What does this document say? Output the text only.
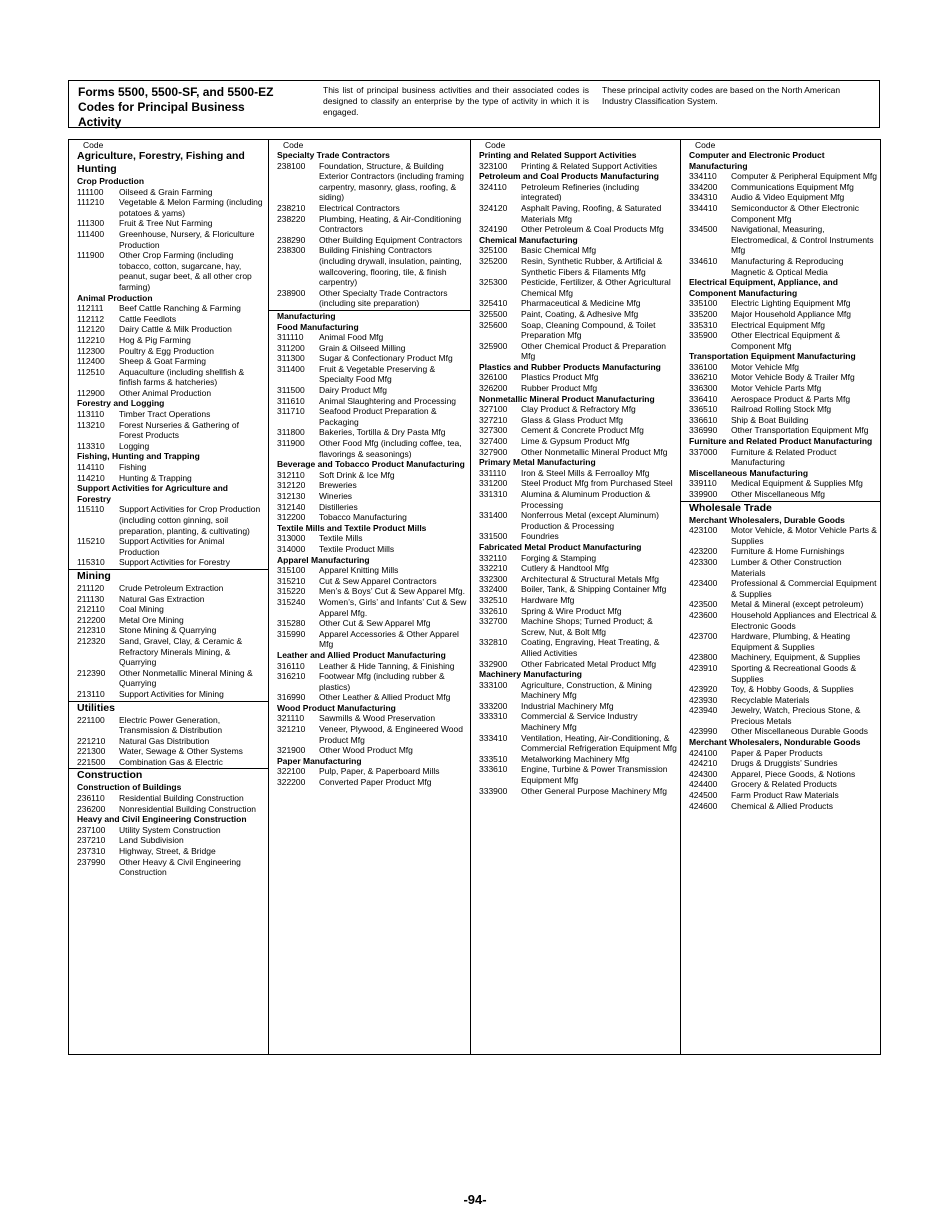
Forms 5500, 5500-SF, and 5500-EZ Codes for Principal Business Activity
This list of principal business activities and their associated codes is designed to classify an enterprise by the type of activity in which it is engaged.
These principal activity codes are based on the North American Industry Classification System.
Code
Agriculture, Forestry, Fishing and Hunting
Crop Production
111100	Oilseed & Grain Farming
111210	Vegetable & Melon Farming (including potatoes & yams)
111300	Fruit & Tree Nut Farming
111400	Greenhouse, Nursery, & Floriculture Production
111900	Other Crop Farming (including tobacco, cotton, sugarcane, hay, peanut, sugar beet, & all other crop farming)
Animal Production
112111	Beef Cattle Ranching & Farming
112112	Cattle Feedlots
112120	Dairy Cattle & Milk Production
112210	Hog & Pig Farming
112300	Poultry & Egg Production
112400	Sheep & Goat Farming
112510	Aquaculture (including shellfish & finfish farms & hatcheries)
112900	Other Animal Production
Forestry and Logging
113110	Timber Tract Operations
113210	Forest Nurseries & Gathering of Forest Products
113310	Logging
Fishing, Hunting and Trapping
114110	Fishing
114210	Hunting & Trapping
Support Activities for Agriculture and Forestry
115110	Support Activities for Crop Production (including cotton ginning, soil preparation, planting, & cultivating)
115210	Support Activities for Animal Production
115310	Support Activities for Forestry
Mining
211120	Crude Petroleum Extraction
211130	Natural Gas Extraction
212110	Coal Mining
212200	Metal Ore Mining
212310	Stone Mining & Quarrying
212320	Sand, Gravel, Clay, & Ceramic & Refractory Minerals Mining, & Quarrying
212390	Other Nonmetallic Mineral Mining & Quarrying
213110	Support Activities for Mining
Utilities
221100	Electric Power Generation, Transmission & Distribution
221210	Natural Gas Distribution
221300	Water, Sewage & Other Systems
221500	Combination Gas & Electric
Construction
Construction of Buildings
236110	Residential Building Construction
236200	Nonresidential Building Construction
Heavy and Civil Engineering Construction
237100	Utility System Construction
237210	Land Subdivision
237310	Highway, Street, & Bridge
237990	Other Heavy & Civil Engineering Construction
Code
Specialty Trade Contractors
238100	Foundation, Structure, & Building Exterior Contractors (including framing carpentry, masonry, glass, roofing, & siding)
238210	Electrical Contractors
238220	Plumbing, Heating, & Air-Conditioning Contractors
238290	Other Building Equipment Contractors
238300	Building Finishing Contractors (including drywall, insulation, painting, wallcovering, flooring, tile, & finish carpentry)
238900	Other Specialty Trade Contractors (including site preparation)
Manufacturing
Food Manufacturing
311110	Animal Food Mfg
311200	Grain & Oilseed Milling
311300	Sugar & Confectionary Product Mfg
311400	Fruit & Vegetable Preserving & Specialty Food Mfg
311500	Dairy Product Mfg
311610	Animal Slaughtering and Processing
311710	Seafood Product Preparation & Packaging
311800	Bakeries, Tortilla & Dry Pasta Mfg
311900	Other Food Mfg (including coffee, tea, flavorings & seasonings)
Beverage and Tobacco Product Manufacturing
312110	Soft Drink & Ice Mfg
312120	Breweries
312130	Wineries
312140	Distilleries
312200	Tobacco Manufacturing
Textile Mills and Textile Product Mills
313000	Textile Mills
314000	Textile Product Mills
Apparel Manufacturing
315100	Apparel Knitting Mills
315210	Cut & Sew Apparel Contractors
315220	Men’s & Boys’ Cut & Sew Apparel Mfg.
315240	Women’s, Girls’ and Infants’ Cut & Sew Apparel Mfg.
315280	Other Cut & Sew Apparel Mfg
315990	Apparel Accessories & Other Apparel Mfg
Leather and Allied Product Manufacturing
316110	Leather & Hide Tanning, & Finishing
316210	Footwear Mfg (including rubber & plastics)
316990	Other Leather & Allied Product Mfg
Wood Product Manufacturing
321110	Sawmills & Wood Preservation
321210	Veneer, Plywood, & Engineered Wood Product Mfg
321900	Other Wood Product Mfg
Paper Manufacturing
322100	Pulp, Paper, & Paperboard Mills
322200	Converted Paper Product Mfg
Code
Printing and Related Support Activities
323100	Printing & Related Support Activities
Petroleum and Coal Products Manufacturing
324110	Petroleum Refineries (including integrated)
324120	Asphalt Paving, Roofing, & Saturated Materials Mfg
324190	Other Petroleum & Coal Products Mfg
Chemical Manufacturing
325100	Basic Chemical Mfg
325200	Resin, Synthetic Rubber, & Artificial & Synthetic Fibers & Filaments Mfg
325300	Pesticide, Fertilizer, & Other Agricultural Chemical Mfg
325410	Pharmaceutical & Medicine Mfg
325500	Paint, Coating, & Adhesive Mfg
325600	Soap, Cleaning Compound, & Toilet Preparation Mfg
325900	Other Chemical Product & Preparation Mfg
Plastics and Rubber Products Manufacturing
326100	Plastics Product Mfg
326200	Rubber Product Mfg
Nonmetallic Mineral Product Manufacturing
327100	Clay Product & Refractory Mfg
327210	Glass & Glass Product Mfg
327300	Cement & Concrete Product Mfg
327400	Lime & Gypsum Product Mfg
327900	Other Nonmetallic Mineral Product Mfg
Primary Metal Manufacturing
331110	Iron & Steel Mills & Ferroalloy Mfg
331200	Steel Product Mfg from Purchased Steel
331310	Alumina & Aluminum Production & Processing
331400	Nonferrous Metal (except Aluminum) Production & Processing
331500	Foundries
Fabricated Metal Product Manufacturing
332110	Forging & Stamping
332210	Cutlery & Handtool Mfg
332300	Architectural & Structural Metals Mfg
332400	Boiler, Tank, & Shipping Container Mfg
332510	Hardware Mfg
332610	Spring & Wire Product Mfg
332700	Machine Shops; Turned Product; & Screw, Nut, & Bolt Mfg
332810	Coating, Engraving, Heat Treating, & Allied Activities
332900	Other Fabricated Metal Product Mfg
Machinery Manufacturing
333100	Agriculture, Construction, & Mining Machinery Mfg
333200	Industrial Machinery Mfg
333310	Commercial & Service Industry Machinery Mfg
333410	Ventilation, Heating, Air-Conditioning, & Commercial Refrigeration Equipment Mfg
333510	Metalworking Machinery Mfg
333610	Engine, Turbine & Power Transmission Equipment Mfg
333900	Other General Purpose Machinery Mfg
Code
Computer and Electronic Product Manufacturing
334110	Computer & Peripheral Equipment Mfg
334200	Communications Equipment Mfg
334310	Audio & Video Equipment Mfg
334410	Semiconductor & Other Electronic Component Mfg
334500	Navigational, Measuring, Electromedical, & Control Instruments Mfg
334610	Manufacturing & Reproducing Magnetic & Optical Media
Electrical Equipment, Appliance, and Component Manufacturing
335100	Electric Lighting Equipment Mfg
335200	Major Household Appliance Mfg
335310	Electrical Equipment Mfg
335900	Other Electrical Equipment & Component Mfg
Transportation Equipment Manufacturing
336100	Motor Vehicle Mfg
336210	Motor Vehicle Body & Trailer Mfg
336300	Motor Vehicle Parts Mfg
336410	Aerospace Product & Parts Mfg
336510	Railroad Rolling Stock Mfg
336610	Ship & Boat Building
336990	Other Transportation Equipment Mfg
Furniture and Related Product Manufacturing
337000	Furniture & Related Product Manufacturing
Miscellaneous Manufacturing
339110	Medical Equipment & Supplies Mfg
339900	Other Miscellaneous Mfg
Wholesale Trade
Merchant Wholesalers, Durable Goods
423100	Motor Vehicle, & Motor Vehicle Parts & Supplies
423200	Furniture & Home Furnishings
423300	Lumber & Other Construction Materials
423400	Professional & Commercial Equipment & Supplies
423500	Metal & Mineral (except petroleum)
423600	Household Appliances and Electrical & Electronic Goods
423700	Hardware, Plumbing, & Heating Equipment & Supplies
423800	Machinery, Equipment, & Supplies
423910	Sporting & Recreational Goods & Supplies
423920	Toy, & Hobby Goods, & Supplies
423930	Recyclable Materials
423940	Jewelry, Watch, Precious Stone, & Precious Metals
423990	Other Miscellaneous Durable Goods
Merchant Wholesalers, Nondurable Goods
424100	Paper & Paper Products
424210	Drugs & Druggists’ Sundries
424300	Apparel, Piece Goods, & Notions
424400	Grocery & Related Products
424500	Farm Product Raw Materials
424600	Chemical & Allied Products
-94-
